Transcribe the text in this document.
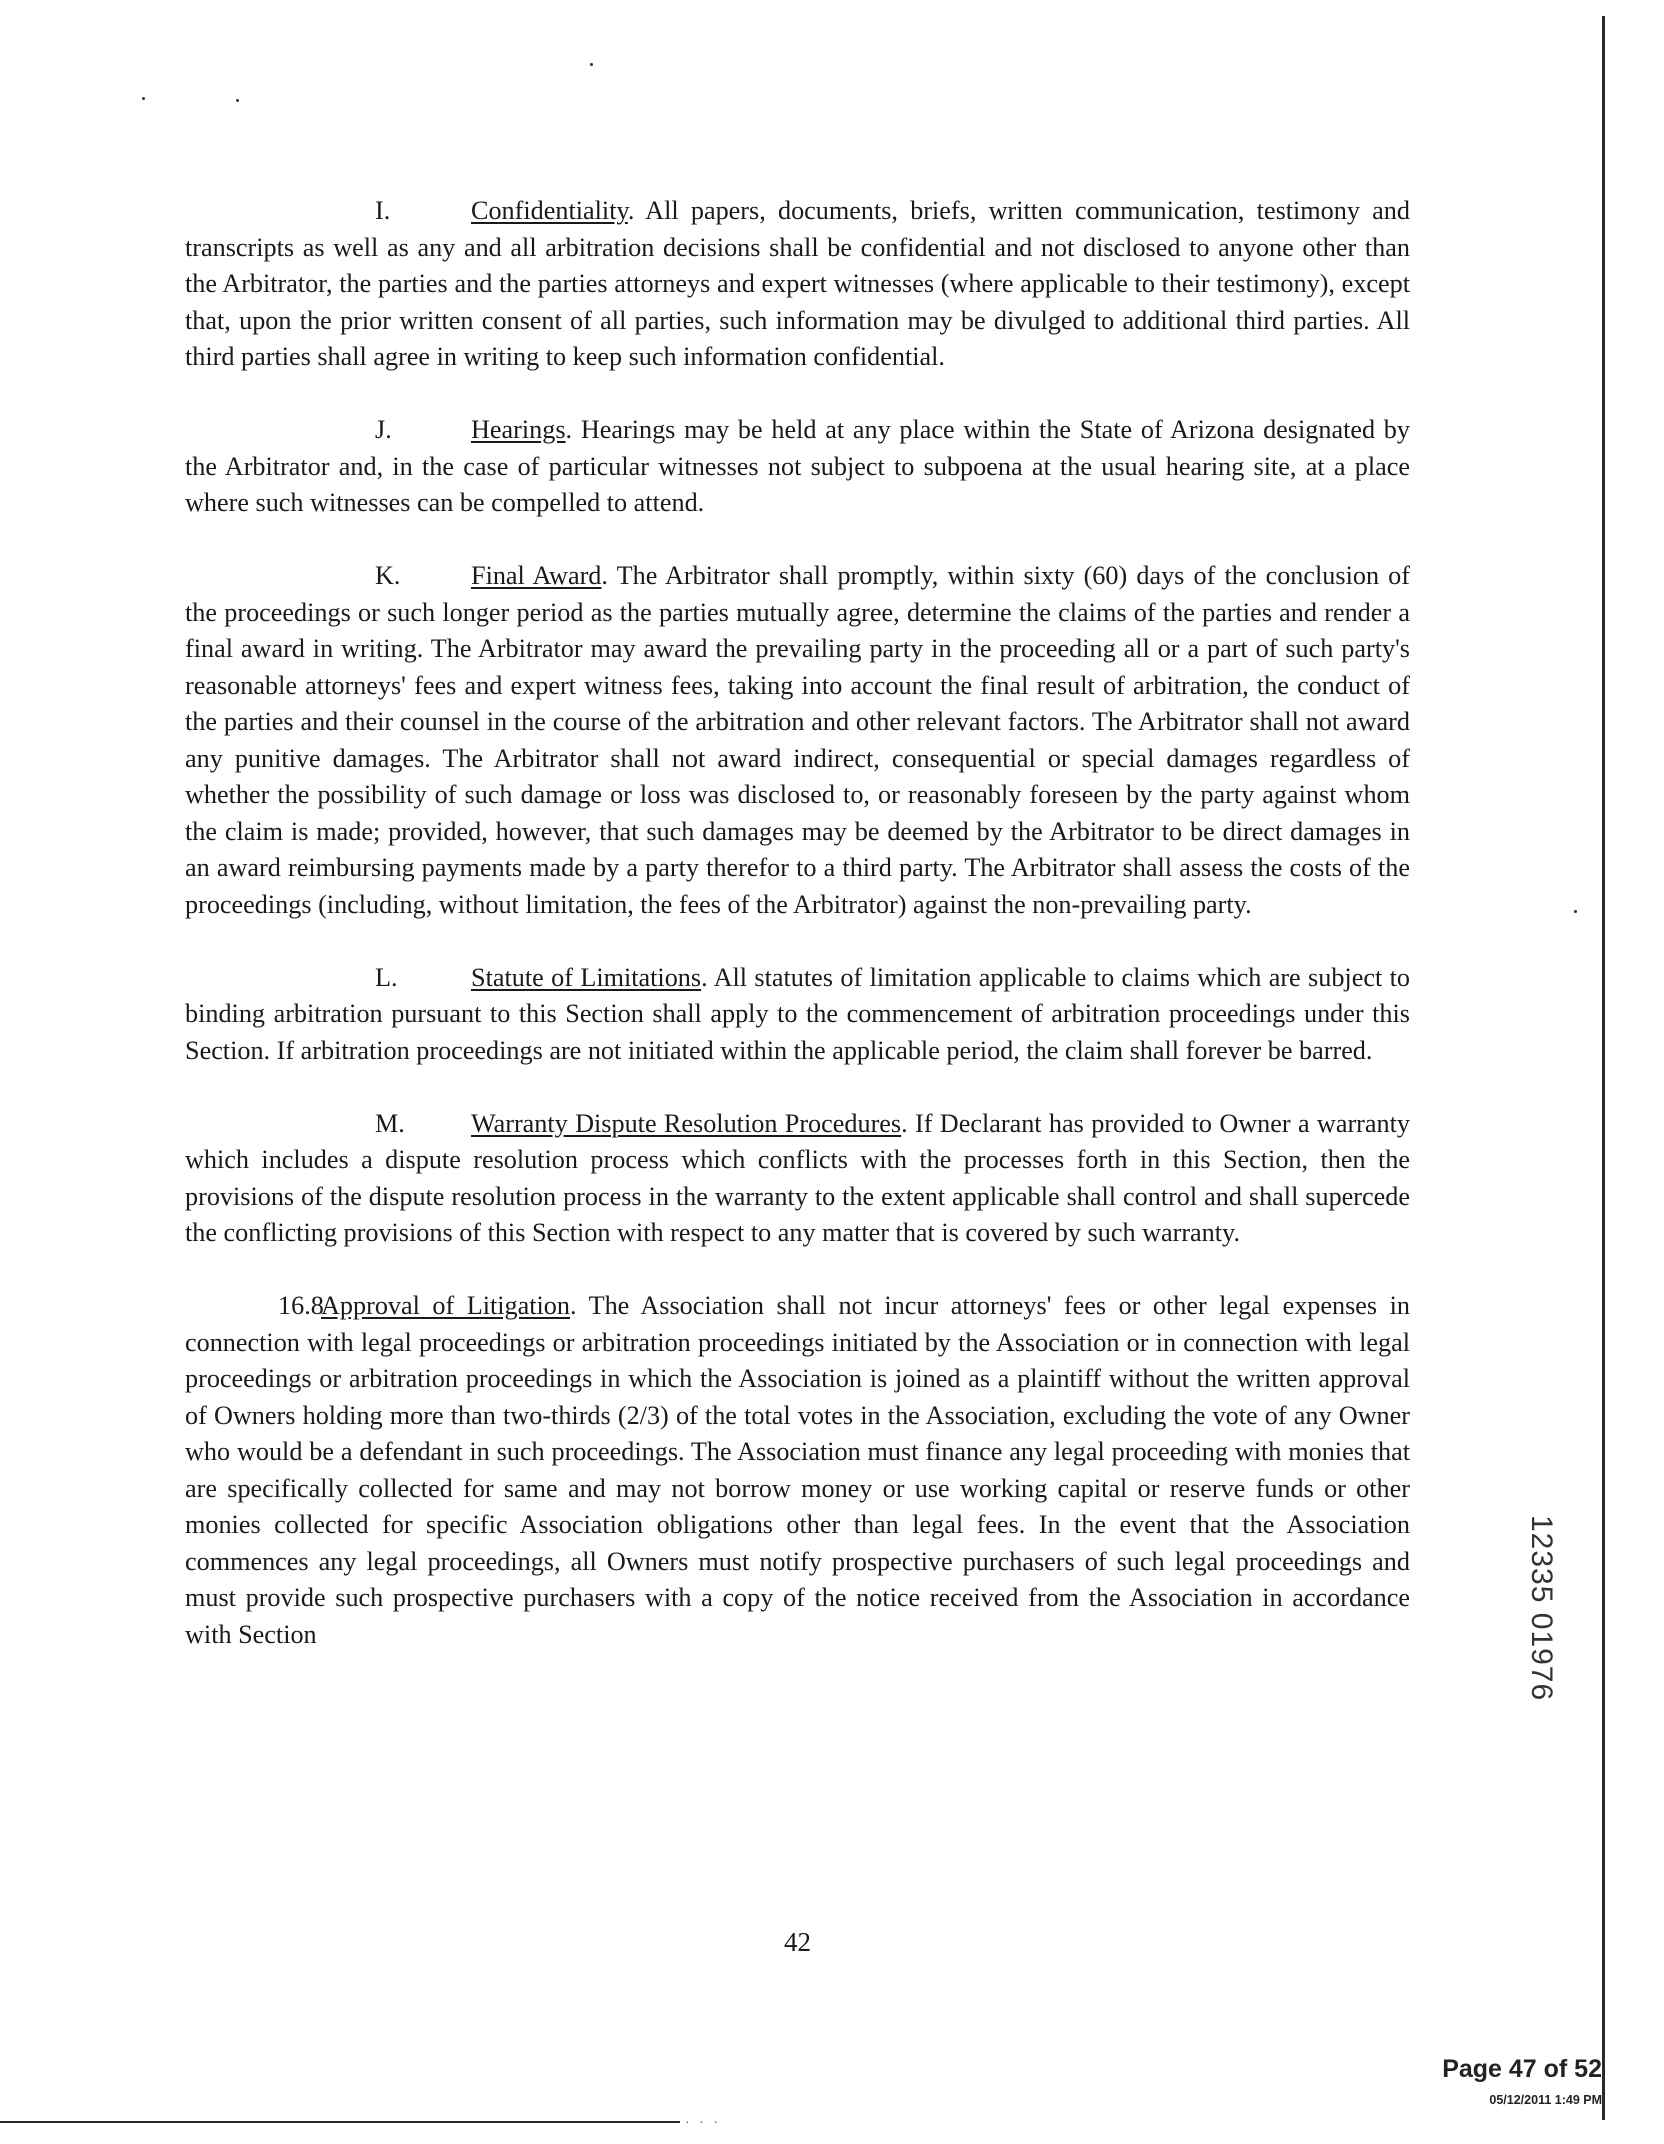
I.	Confidentiality. All papers, documents, briefs, written communication, testimony and transcripts as well as any and all arbitration decisions shall be confidential and not disclosed to anyone other than the Arbitrator, the parties and the parties attorneys and expert witnesses (where applicable to their testimony), except that, upon the prior written consent of all parties, such information may be divulged to additional third parties. All third parties shall agree in writing to keep such information confidential.

J.	Hearings. Hearings may be held at any place within the State of Arizona designated by the Arbitrator and, in the case of particular witnesses not subject to subpoena at the usual hearing site, at a place where such witnesses can be compelled to attend.

K.	Final Award. The Arbitrator shall promptly, within sixty (60) days of the conclusion of the proceedings or such longer period as the parties mutually agree, determine the claims of the parties and render a final award in writing. The Arbitrator may award the prevailing party in the proceeding all or a part of such party's reasonable attorneys' fees and expert witness fees, taking into account the final result of arbitration, the conduct of the parties and their counsel in the course of the arbitration and other relevant factors. The Arbitrator shall not award any punitive damages. The Arbitrator shall not award indirect, consequential or special damages regardless of whether the possibility of such damage or loss was disclosed to, or reasonably foreseen by the party against whom the claim is made; provided, however, that such damages may be deemed by the Arbitrator to be direct damages in an award reimbursing payments made by a party therefor to a third party. The Arbitrator shall assess the costs of the proceedings (including, without limitation, the fees of the Arbitrator) against the non-prevailing party.

L.	Statute of Limitations. All statutes of limitation applicable to claims which are subject to binding arbitration pursuant to this Section shall apply to the commencement of arbitration proceedings under this Section. If arbitration proceedings are not initiated within the applicable period, the claim shall forever be barred.

M.	Warranty Dispute Resolution Procedures. If Declarant has provided to Owner a warranty which includes a dispute resolution process which conflicts with the processes forth in this Section, then the provisions of the dispute resolution process in the warranty to the extent applicable shall control and shall supercede the conflicting provisions of this Section with respect to any matter that is covered by such warranty.

16.8Approval of Litigation. The Association shall not incur attorneys' fees or other legal expenses in connection with legal proceedings or arbitration proceedings initiated by the Association or in connection with legal proceedings or arbitration proceedings in which the Association is joined as a plaintiff without the written approval of Owners holding more than two-thirds (2/3) of the total votes in the Association, excluding the vote of any Owner who would be a defendant in such proceedings. The Association must finance any legal proceeding with monies that are specifically collected for same and may not borrow money or use working capital or reserve funds or other monies collected for specific Association obligations other than legal fees. In the event that the Association commences any legal proceedings, all Owners must notify prospective purchasers of such legal proceedings and must provide such prospective purchasers with a copy of the notice received from the Association in accordance with Section

42
12335 01976
· · ·
Page 47 of 52
05/12/2011 1:49 PM
